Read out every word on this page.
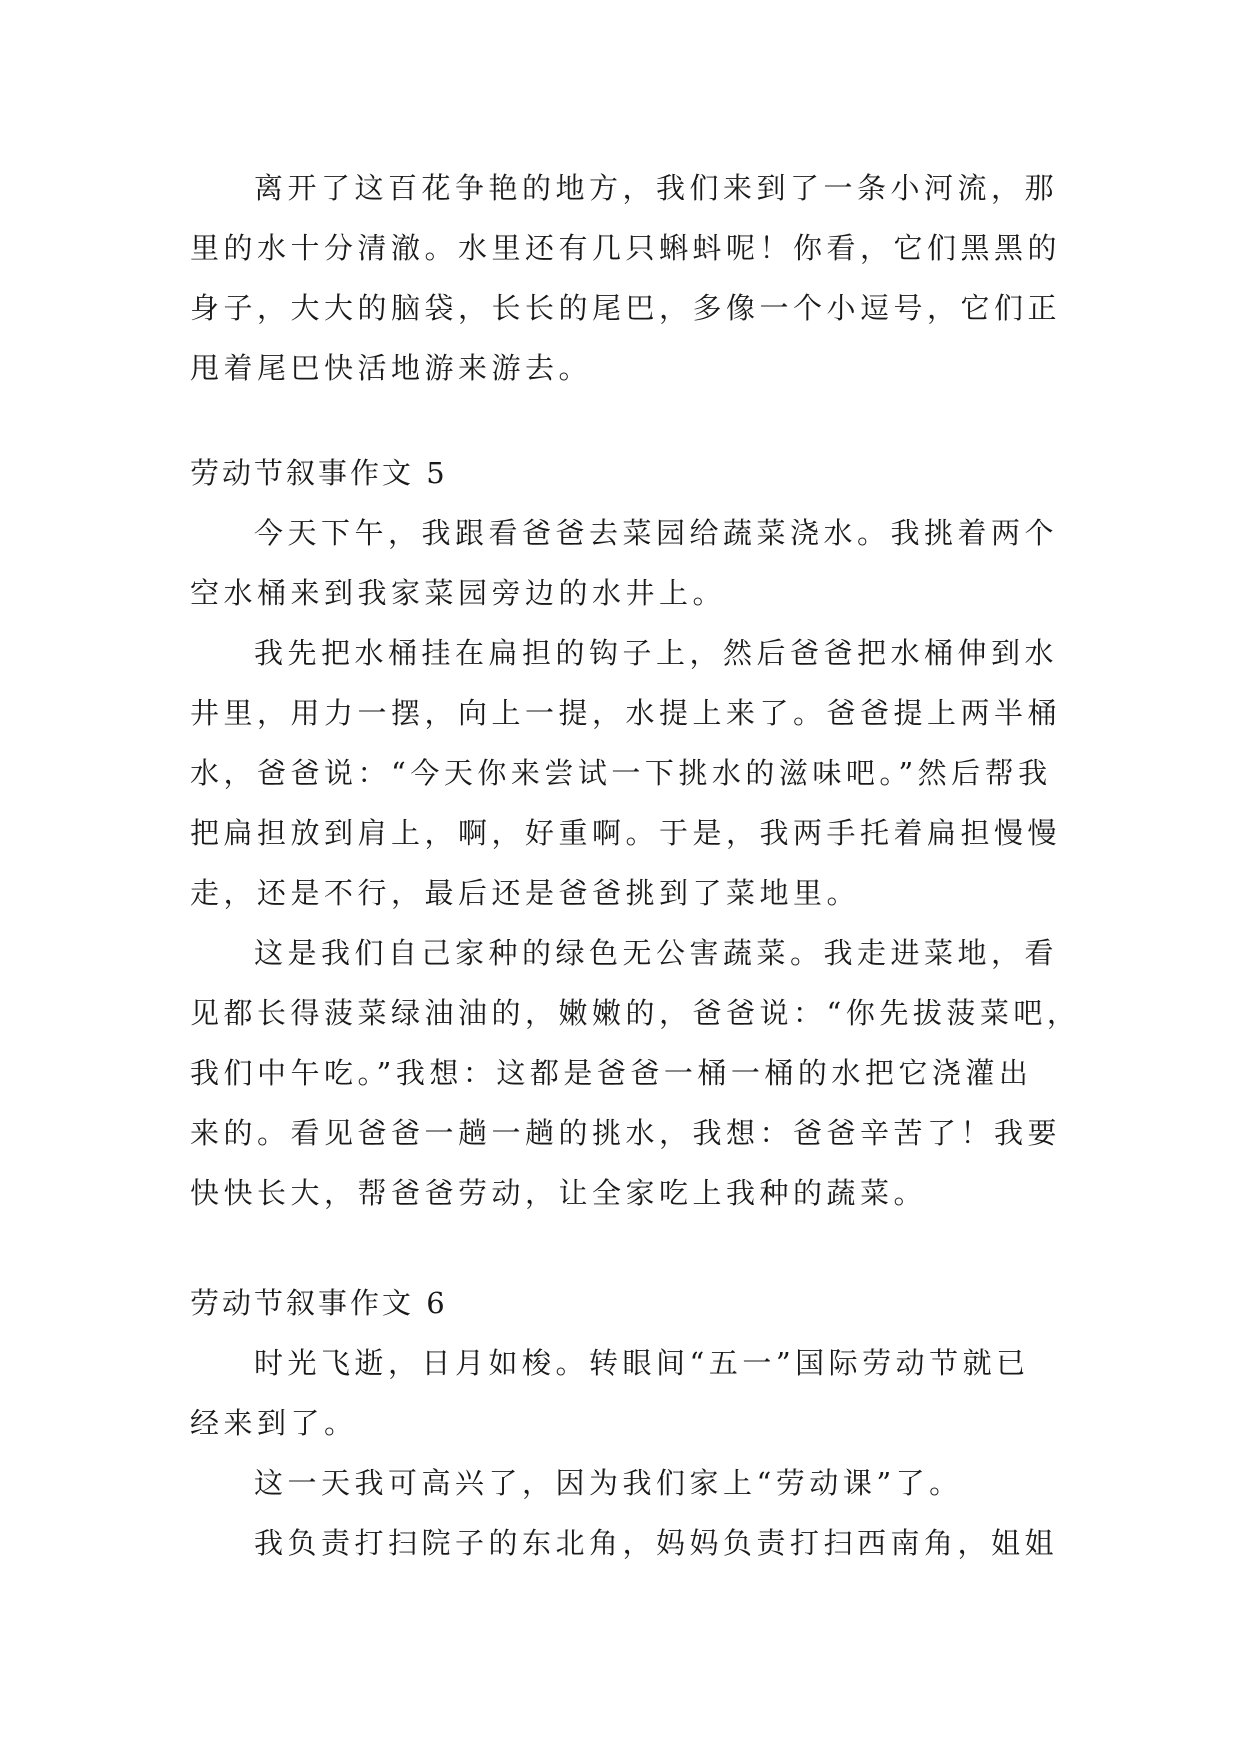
离开了这百花争艳的地方，我们来到了一条小河流，那
里的水十分清澈。水里还有几只蝌蚪呢！你看，它们黑黑的
身子，大大的脑袋，长长的尾巴，多像一个小逗号，它们正
甩着尾巴快活地游来游去。
劳动节叙事作文 5
今天下午，我跟看爸爸去菜园给蔬菜浇水。我挑着两个
空水桶来到我家菜园旁边的水井上。
我先把水桶挂在扁担的钩子上，然后爸爸把水桶伸到水
井里，用力一摆，向上一提，水提上来了。爸爸提上两半桶
水，爸爸说：“今天你来尝试一下挑水的滋味吧。”然后帮我
把扁担放到肩上，啊，好重啊。于是，我两手托着扁担慢慢
走，还是不行，最后还是爸爸挑到了菜地里。
这是我们自己家种的绿色无公害蔬菜。我走进菜地，看
见都长得菠菜绿油油的，嫩嫩的，爸爸说：“你先拔菠菜吧，
我们中午吃。”我想：这都是爸爸一桶一桶的水把它浇灌出
来的。看见爸爸一趟一趟的挑水，我想：爸爸辛苦了！我要
快快长大，帮爸爸劳动，让全家吃上我种的蔬菜。
劳动节叙事作文 6
时光飞逝，日月如梭。转眼间“五一”国际劳动节就已
经来到了。
这一天我可高兴了，因为我们家上“劳动课”了。
我负责打扫院子的东北角，妈妈负责打扫西南角，姐姐
